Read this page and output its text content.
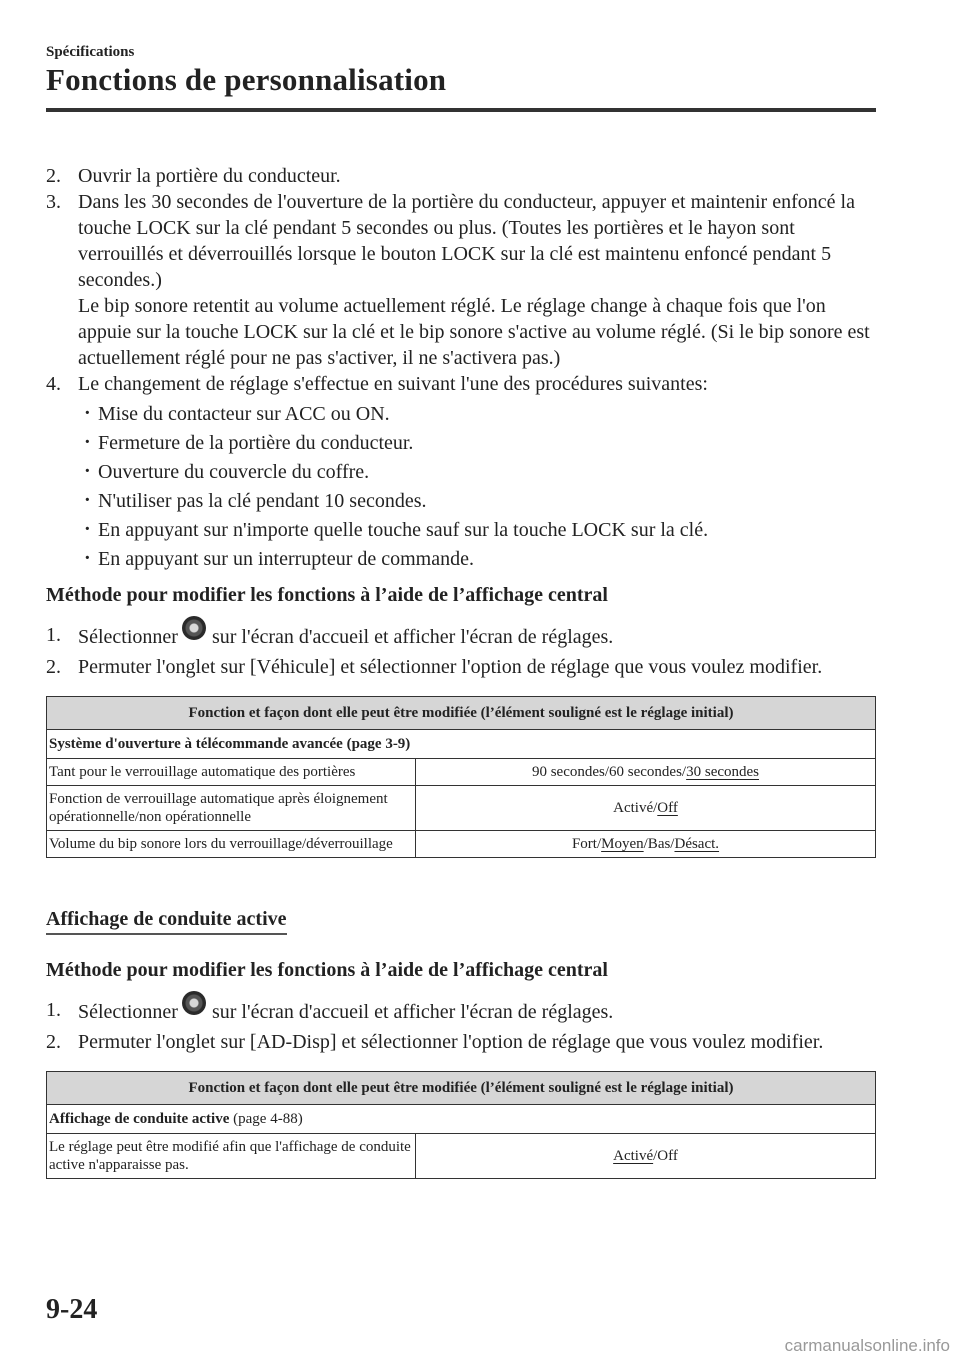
Spécifications
Fonctions de personnalisation
2. Ouvrir la portière du conducteur.

3. Dans les 30 secondes de l'ouverture de la portière du conducteur, appuyer et maintenir enfoncé la touche LOCK sur la clé pendant 5 secondes ou plus. (Toutes les portières et le hayon sont verrouillés et déverrouillés lorsque le bouton LOCK sur la clé est maintenu enfoncé pendant 5 secondes.)

Le bip sonore retentit au volume actuellement réglé. Le réglage change à chaque fois que l'on appuie sur la touche LOCK sur la clé et le bip sonore s'active au volume réglé. (Si le bip sonore est actuellement réglé pour ne pas s'activer, il ne s'activera pas.)

4. Le changement de réglage s'effectue en suivant l'une des procédures suivantes:

· Mise du contacteur sur ACC ou ON.
· Fermeture de la portière du conducteur.
· Ouverture du couvercle du coffre.
· N'utiliser pas la clé pendant 10 secondes.
· En appuyant sur n'importe quelle touche sauf sur la touche LOCK sur la clé.
· En appuyant sur un interrupteur de commande.

Méthode pour modifier les fonctions à l’aide de l’affichage central

1. Sélectionner sur l'écran d'accueil et afficher l'écran de réglages.
2. Permuter l'onglet sur [Véhicule] et sélectionner l'option de réglage que vous voulez modifier.

Fonction et façon dont elle peut être modifiée (l’élément souligné est le réglage initial)	
Système d'ouverture à télécommande avancée (page 3-9)	
Tant pour le verrouillage automatique des portières	90 secondes/60 secondes/30 secondes
Fonction de verrouillage automatique après éloignement opérationnelle/non opérationnelle	Activé/Off
Volume du bip sonore lors du verrouillage/déverrouillage	Fort/Moyen/Bas/Désact.
Affichage de conduite active

Méthode pour modifier les fonctions à l’aide de l’affichage central

1. Sélectionner sur l'écran d'accueil et afficher l'écran de réglages.
2. Permuter l'onglet sur [AD-Disp] et sélectionner l'option de réglage que vous voulez modifier.

Fonction et façon dont elle peut être modifiée (l’élément souligné est le réglage initial)
Affichage de conduite active (page 4-88)
Le réglage peut être modifié afin que l'affichage de conduite active n'apparaisse pas.	Activé/Off
9-24
carmanualsonline.info
